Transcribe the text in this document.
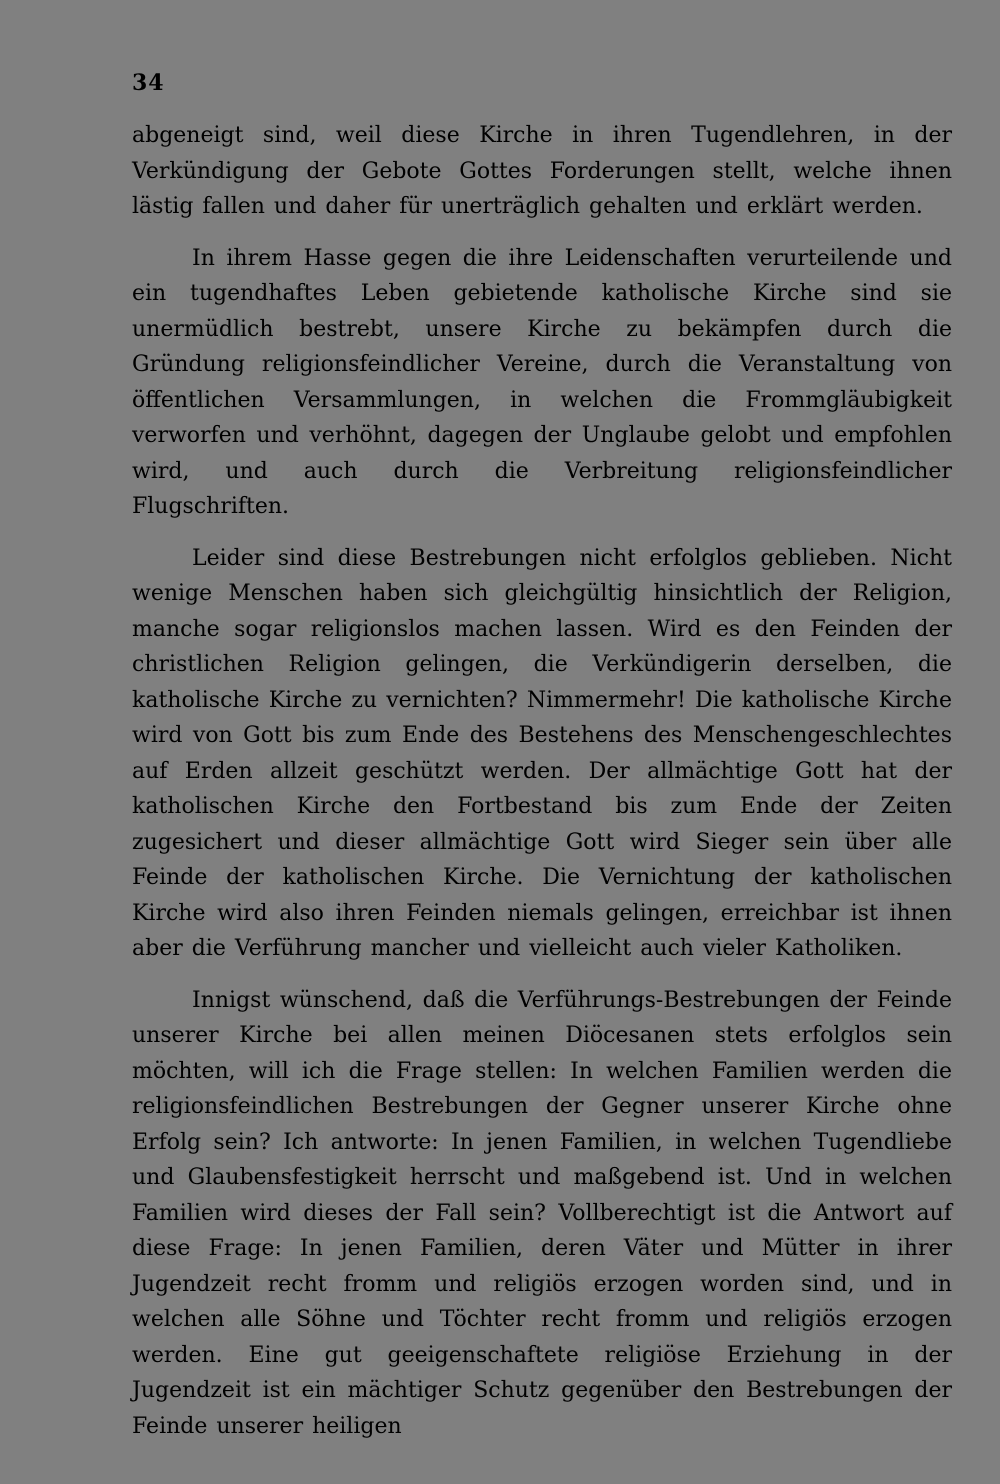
34

abgeneigt sind, weil diese Kirche in ihren Tugendlehren, in der Verkündigung der Gebote Gottes Forderungen stellt, welche ihnen lästig fallen und daher für unerträglich gehalten und erklärt werden.

In ihrem Hasse gegen die ihre Leidenschaften verurteilende und ein tugendhaftes Leben gebietende katholische Kirche sind sie unermüdlich bestrebt, unsere Kirche zu bekämpfen durch die Gründung religionsfeindlicher Vereine, durch die Veranstaltung von öffentlichen Versammlungen, in welchen die Frommgläubigkeit verworfen und verhöhnt, dagegen der Unglaube gelobt und empfohlen wird, und auch durch die Verbreitung religionsfeindlicher Flugschriften.

Leider sind diese Bestrebungen nicht erfolglos geblieben. Nicht wenige Menschen haben sich gleichgültig hinsichtlich der Religion, manche sogar religionslos machen lassen. Wird es den Feinden der christlichen Religion gelingen, die Verkündigerin derselben, die katholische Kirche zu vernichten? Nimmermehr! Die katholische Kirche wird von Gott bis zum Ende des Bestehens des Menschengeschlechtes auf Erden allzeit geschützt werden. Der allmächtige Gott hat der katholischen Kirche den Fortbestand bis zum Ende der Zeiten zugesichert und dieser allmächtige Gott wird Sieger sein über alle Feinde der katholischen Kirche. Die Vernichtung der katholischen Kirche wird also ihren Feinden niemals gelingen, erreichbar ist ihnen aber die Verführung mancher und vielleicht auch vieler Katholiken.

Innigst wünschend, daß die Verführungs-Bestrebungen der Feinde unserer Kirche bei allen meinen Diöcesanen stets erfolglos sein möchten, will ich die Frage stellen: In welchen Familien werden die religionsfeindlichen Bestrebungen der Gegner unserer Kirche ohne Erfolg sein? Ich antworte: In jenen Familien, in welchen Tugendliebe und Glaubensfestigkeit herrscht und maßgebend ist. Und in welchen Familien wird dieses der Fall sein? Vollberechtigt ist die Antwort auf diese Frage: In jenen Familien, deren Väter und Mütter in ihrer Jugendzeit recht fromm und religiös erzogen worden sind, und in welchen alle Söhne und Töchter recht fromm und religiös erzogen werden. Eine gut geeigenschaftete religiöse Erziehung in der Jugendzeit ist ein mächtiger Schutz gegenüber den Bestrebungen der Feinde unserer heiligen
